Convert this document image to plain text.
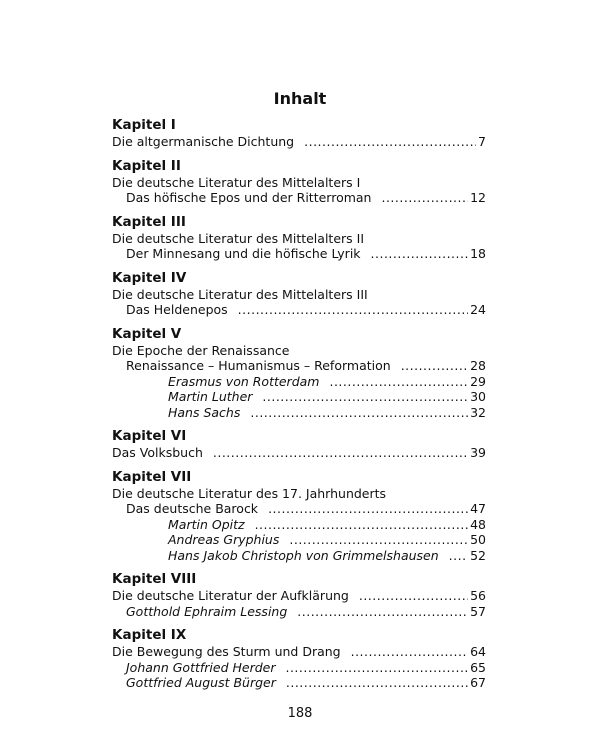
Inhalt
Kapitel I
Die altgermanische Dichtung .....	7
Kapitel II
Die deutsche Literatur des Mittelalters I
Das höfische Epos und der Ritterroman .....	12
Kapitel III
Die deutsche Literatur des Mittelalters II
Der Minnesang und die höfische Lyrik .....	18
Kapitel IV
Die deutsche Literatur des Mittelalters III
Das Heldenepos .....	24
Kapitel V
Die Epoche der Renaissance
Renaissance – Humanismus – Reformation .....	28
Erasmus von Rotterdam .....	29
Martin Luther .....	30
Hans Sachs .....	32
Kapitel VI
Das Volksbuch .....	39
Kapitel VII
Die deutsche Literatur des 17. Jahrhunderts
Das deutsche Barock .....	47
Martin Opitz .....	48
Andreas Gryphius .....	50
Hans Jakob Christoph von Grimmelshausen .....	52
Kapitel VIII
Die deutsche Literatur der Aufklärung .....	56
Gotthold Ephraim Lessing .....	57
Kapitel IX
Die Bewegung des Sturm und Drang .....	64
Johann Gottfried Herder .....	65
Gottfried August Bürger .....	67
188
